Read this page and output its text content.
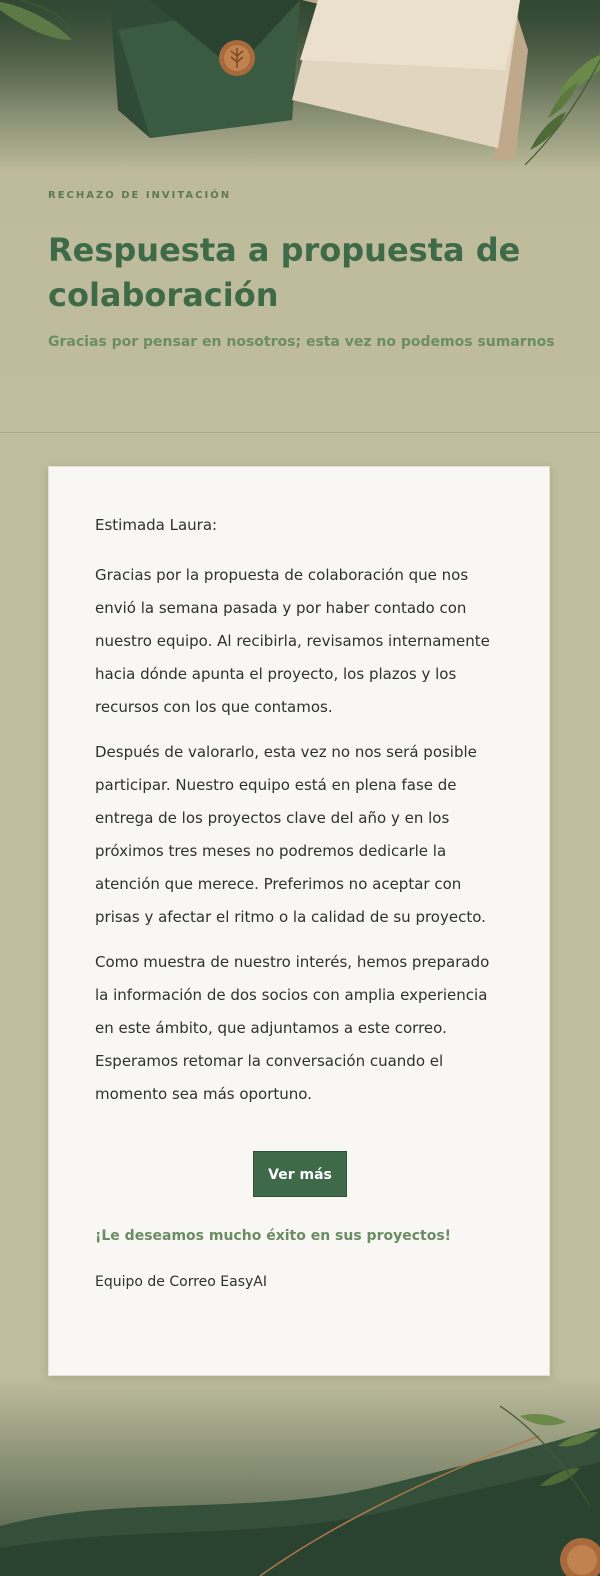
RECHAZO DE INVITACIÓN
Respuesta a propuesta de colaboración

Gracias por pensar en nosotros; esta vez no podemos sumarnos

Estimada Laura:

Gracias por la propuesta de colaboración que nos envió la semana pasada y por haber contado con nuestro equipo. Al recibirla, revisamos internamente hacia dónde apunta el proyecto, los plazos y los recursos con los que contamos.

Después de valorarlo, esta vez no nos será posible participar. Nuestro equipo está en plena fase de entrega de los proyectos clave del año y en los próximos tres meses no podremos dedicarle la atención que merece. Preferimos no aceptar con prisas y afectar el ritmo o la calidad de su proyecto.

Como muestra de nuestro interés, hemos preparado la información de dos socios con amplia experiencia en este ámbito, que adjuntamos a este correo. Esperamos retomar la conversación cuando el momento sea más oportuno.

Ver más

¡Le deseamos mucho éxito en sus proyectos!

Equipo de Correo EasyAI
